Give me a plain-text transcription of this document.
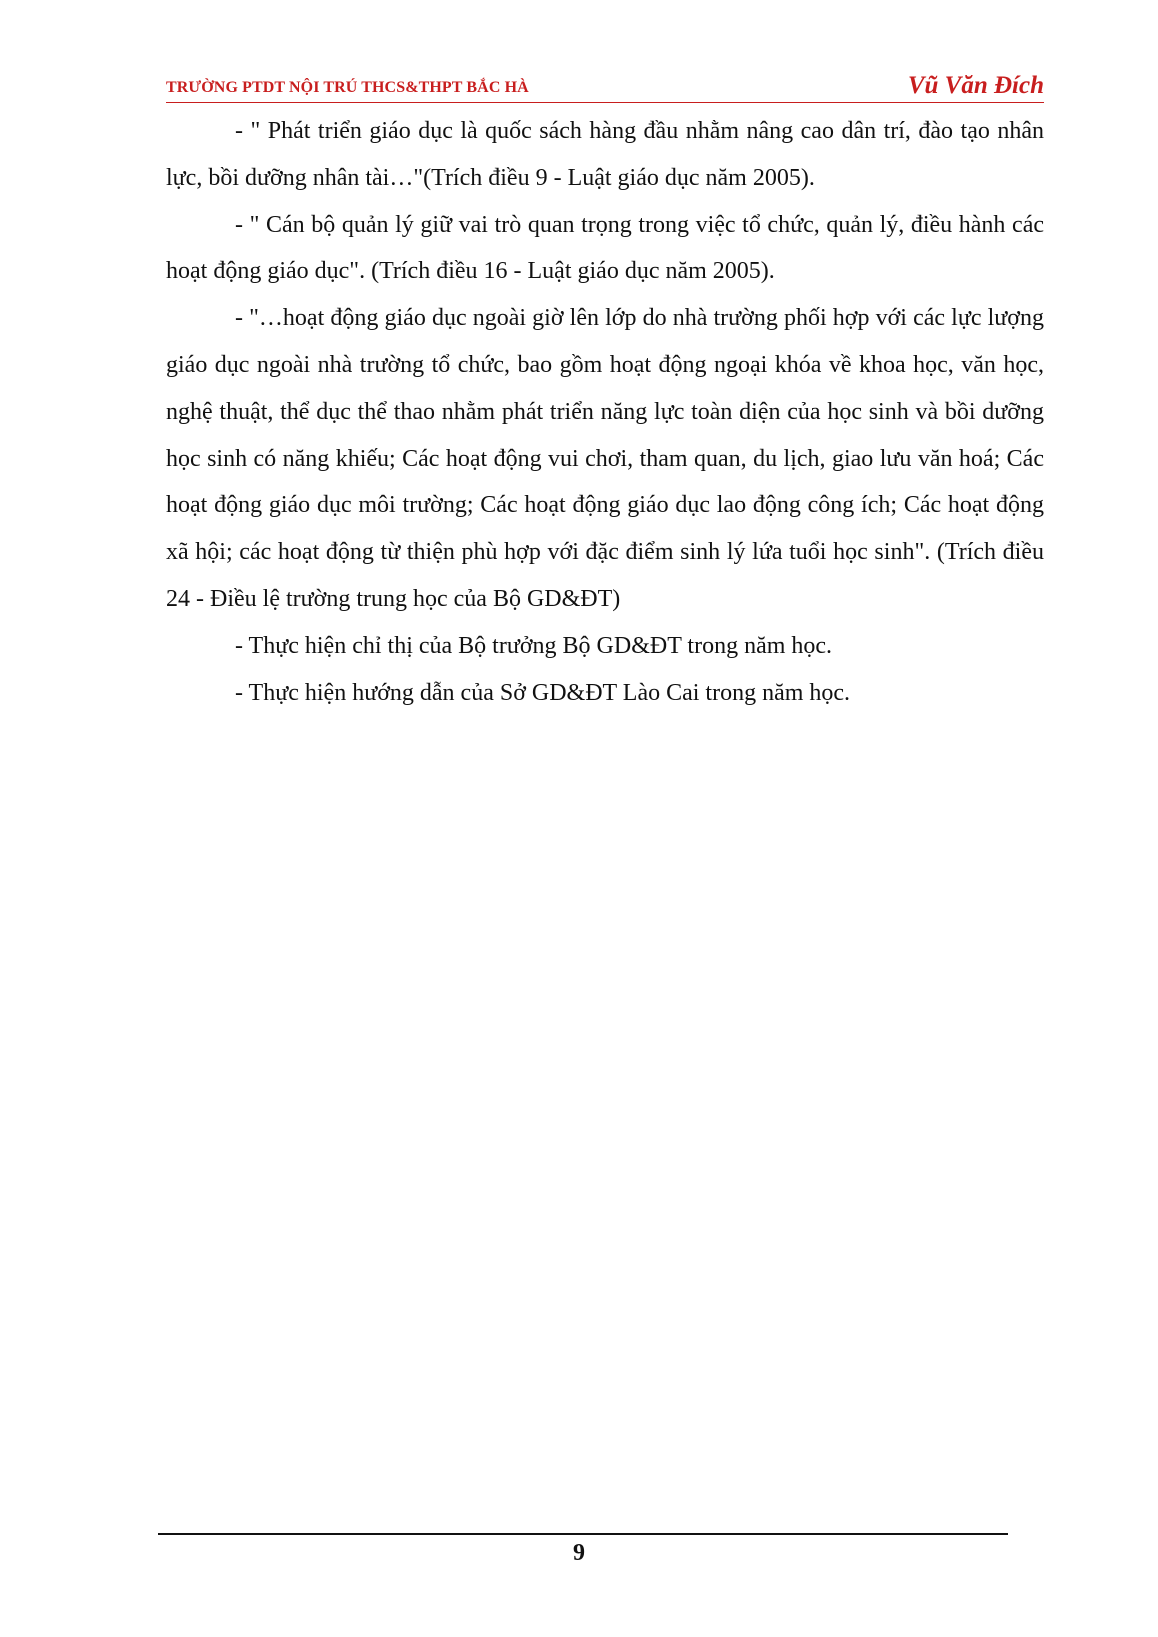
TRƯỜNG PTDT NỘI TRÚ THCS&THPT BẮC HÀ	Vũ Văn Đích

- " Phát triển giáo dục là quốc sách hàng đầu nhằm nâng cao dân trí, đào tạo nhân lực, bồi dưỡng nhân tài…"(Trích điều 9 - Luật giáo dục năm 2005).

- " Cán bộ quản lý giữ vai trò quan trọng trong việc tổ chức, quản lý, điều hành các hoạt động giáo dục". (Trích điều 16 - Luật giáo dục năm 2005).

- "…hoạt động giáo dục ngoài giờ lên lớp do nhà trường phối hợp với các lực lượng giáo dục ngoài nhà trường tổ chức, bao gồm hoạt động ngoại khóa về khoa học, văn học, nghệ thuật, thể dục thể thao nhằm phát triển năng lực toàn diện của học sinh và bồi dưỡng học sinh có năng khiếu; Các hoạt động vui chơi, tham quan, du lịch, giao lưu văn hoá; Các hoạt động giáo dục môi trường; Các hoạt động giáo dục lao động công ích; Các hoạt động xã hội; các hoạt động từ thiện phù hợp với đặc điểm sinh lý lứa tuổi học sinh". (Trích điều 24 - Điều lệ trường trung học của Bộ GD&ĐT)

- Thực hiện chỉ thị của Bộ trưởng Bộ GD&ĐT trong năm học.

- Thực hiện hướng dẫn của Sở GD&ĐT Lào Cai trong năm học.

9
